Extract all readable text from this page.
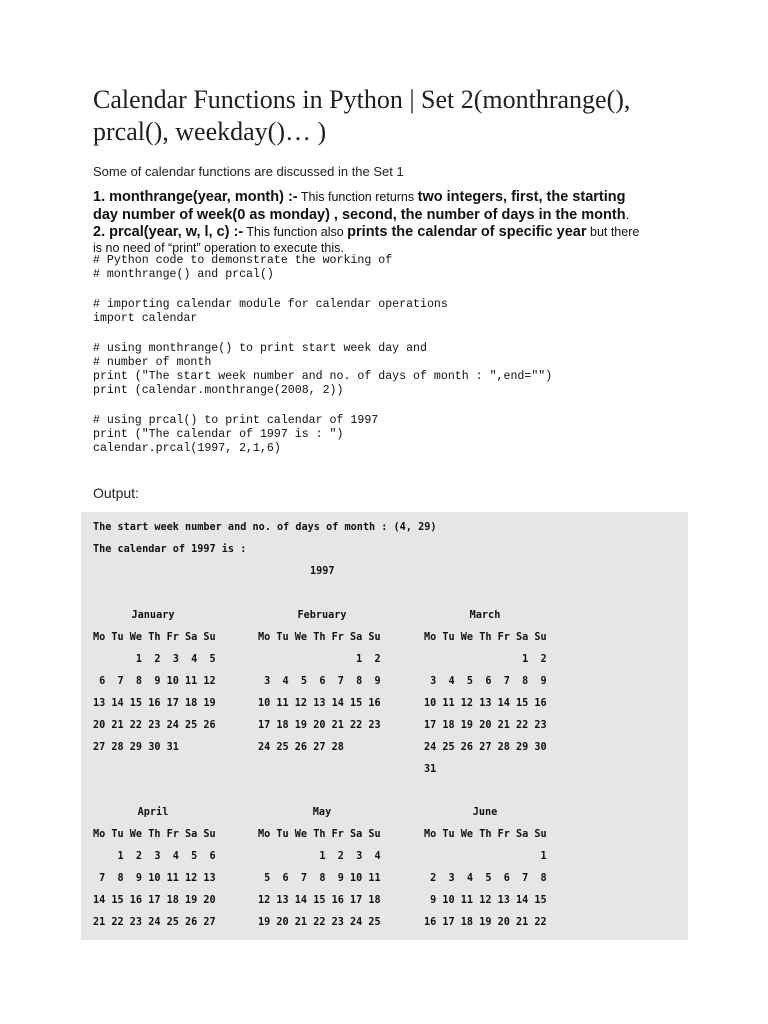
Calendar Functions in Python | Set 2(monthrange(),
prcal(), weekday()… )

Some of calendar functions are discussed in the Set 1

1. monthrange(year, month) :- This function returns two integers, first, the starting
day number of week(0 as monday) , second, the number of days in the month.

2. prcal(year, w, l, c) :- This function also prints the calendar of specific year but there
is no need of “print” operation to execute this.

# Python code to demonstrate the working of
# monthrange() and prcal()
# importing calendar module for calendar operations
import calendar
# using monthrange() to print start week day and
# number of month
print ("The start week number and no. of days of month : ",end="")
print (calendar.monthrange(2008, 2))
# using prcal() to print calendar of 1997
print ("The calendar of 1997 is : ")
calendar.prcal(1997, 2,1,6)

Output:

The start week number and no. of days of month : (4, 29)
The calendar of 1997 is :
1997
January
Mo Tu We Th Fr Sa Su
1  2  3  4  5
6  7  8  9 10 11 12
13 14 15 16 17 18 19
20 21 22 23 24 25 26
27 28 29 30 31
February
Mo Tu We Th Fr Sa Su
1  2
3  4  5  6  7  8  9
10 11 12 13 14 15 16
17 18 19 20 21 22 23
24 25 26 27 28
March
Mo Tu We Th Fr Sa Su
1  2
3  4  5  6  7  8  9
10 11 12 13 14 15 16
17 18 19 20 21 22 23
24 25 26 27 28 29 30
31
April
Mo Tu We Th Fr Sa Su
1  2  3  4  5  6
7  8  9 10 11 12 13
14 15 16 17 18 19 20
21 22 23 24 25 26 27
May
Mo Tu We Th Fr Sa Su
1  2  3  4
5  6  7  8  9 10 11
12 13 14 15 16 17 18
19 20 21 22 23 24 25
June
Mo Tu We Th Fr Sa Su
1
2  3  4  5  6  7  8
9 10 11 12 13 14 15
16 17 18 19 20 21 22
